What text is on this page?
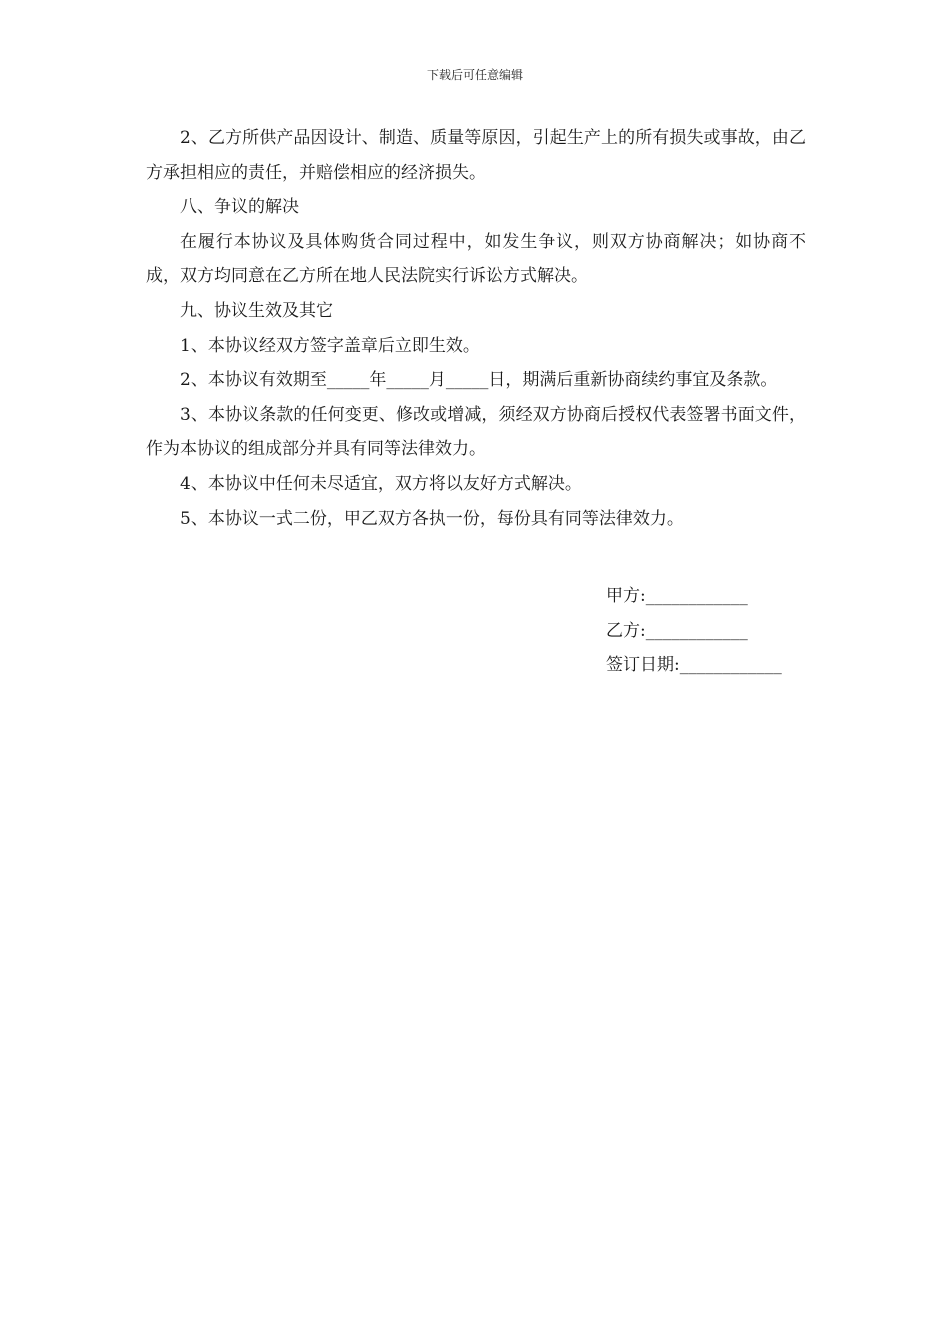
下载后可任意编辑

2、乙方所供产品因设计、制造、质量等原因，引起生产上的所有损失或事故，由乙方承担相应的责任，并赔偿相应的经济损失。

八、争议的解决

在履行本协议及具体购货合同过程中，如发生争议，则双方协商解决；如协商不成，双方均同意在乙方所在地人民法院实行诉讼方式解决。

九、协议生效及其它

1、本协议经双方签字盖章后立即生效。

2、本协议有效期至_____年_____月_____日，期满后重新协商续约事宜及条款。

3、本协议条款的任何变更、修改或增减，须经双方协商后授权代表签署书面文件，作为本协议的组成部分并具有同等法律效力。

4、本协议中任何未尽适宜，双方将以友好方式解决。

5、本协议一式二份，甲乙双方各执一份，每份具有同等法律效力。

甲方:____________
乙方:____________
签订日期:____________
